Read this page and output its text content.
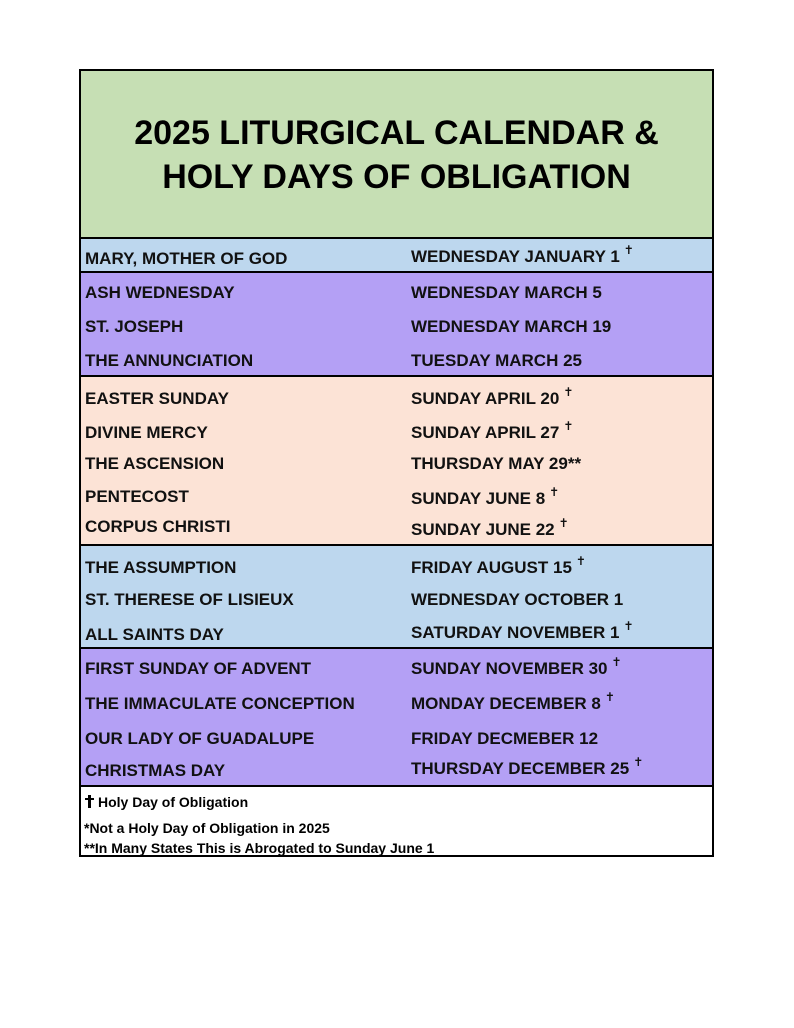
2025 LITURGICAL CALENDAR &
HOLY DAYS OF OBLIGATION
MARY, MOTHER OF GOD	WEDNESDAY JANUARY 1 ✝
ASH WEDNESDAY	WEDNESDAY MARCH 5
ST. JOSEPH	WEDNESDAY MARCH 19
THE ANNUNCIATION	TUESDAY MARCH 25
EASTER SUNDAY	SUNDAY APRIL 20 ✝
DIVINE MERCY	SUNDAY APRIL 27 ✝
THE ASCENSION	THURSDAY MAY 29**
PENTECOST	SUNDAY JUNE 8 ✝
CORPUS CHRISTI	SUNDAY JUNE 22 ✝
THE ASSUMPTION	FRIDAY AUGUST 15 ✝
ST. THERESE OF LISIEUX	WEDNESDAY OCTOBER 1
ALL SAINTS DAY	SATURDAY NOVEMBER 1 ✝
FIRST SUNDAY OF ADVENT	SUNDAY NOVEMBER 30 ✝
THE IMMACULATE CONCEPTION	MONDAY DECEMBER 8 ✝
OUR LADY OF GUADALUPE	FRIDAY DECMEBER 12
CHRISTMAS DAY	THURSDAY DECEMBER 25 ✝
Holy Day of Obligation
*Not a Holy Day of Obligation in 2025
**In Many States This is Abrogated to Sunday June 1
